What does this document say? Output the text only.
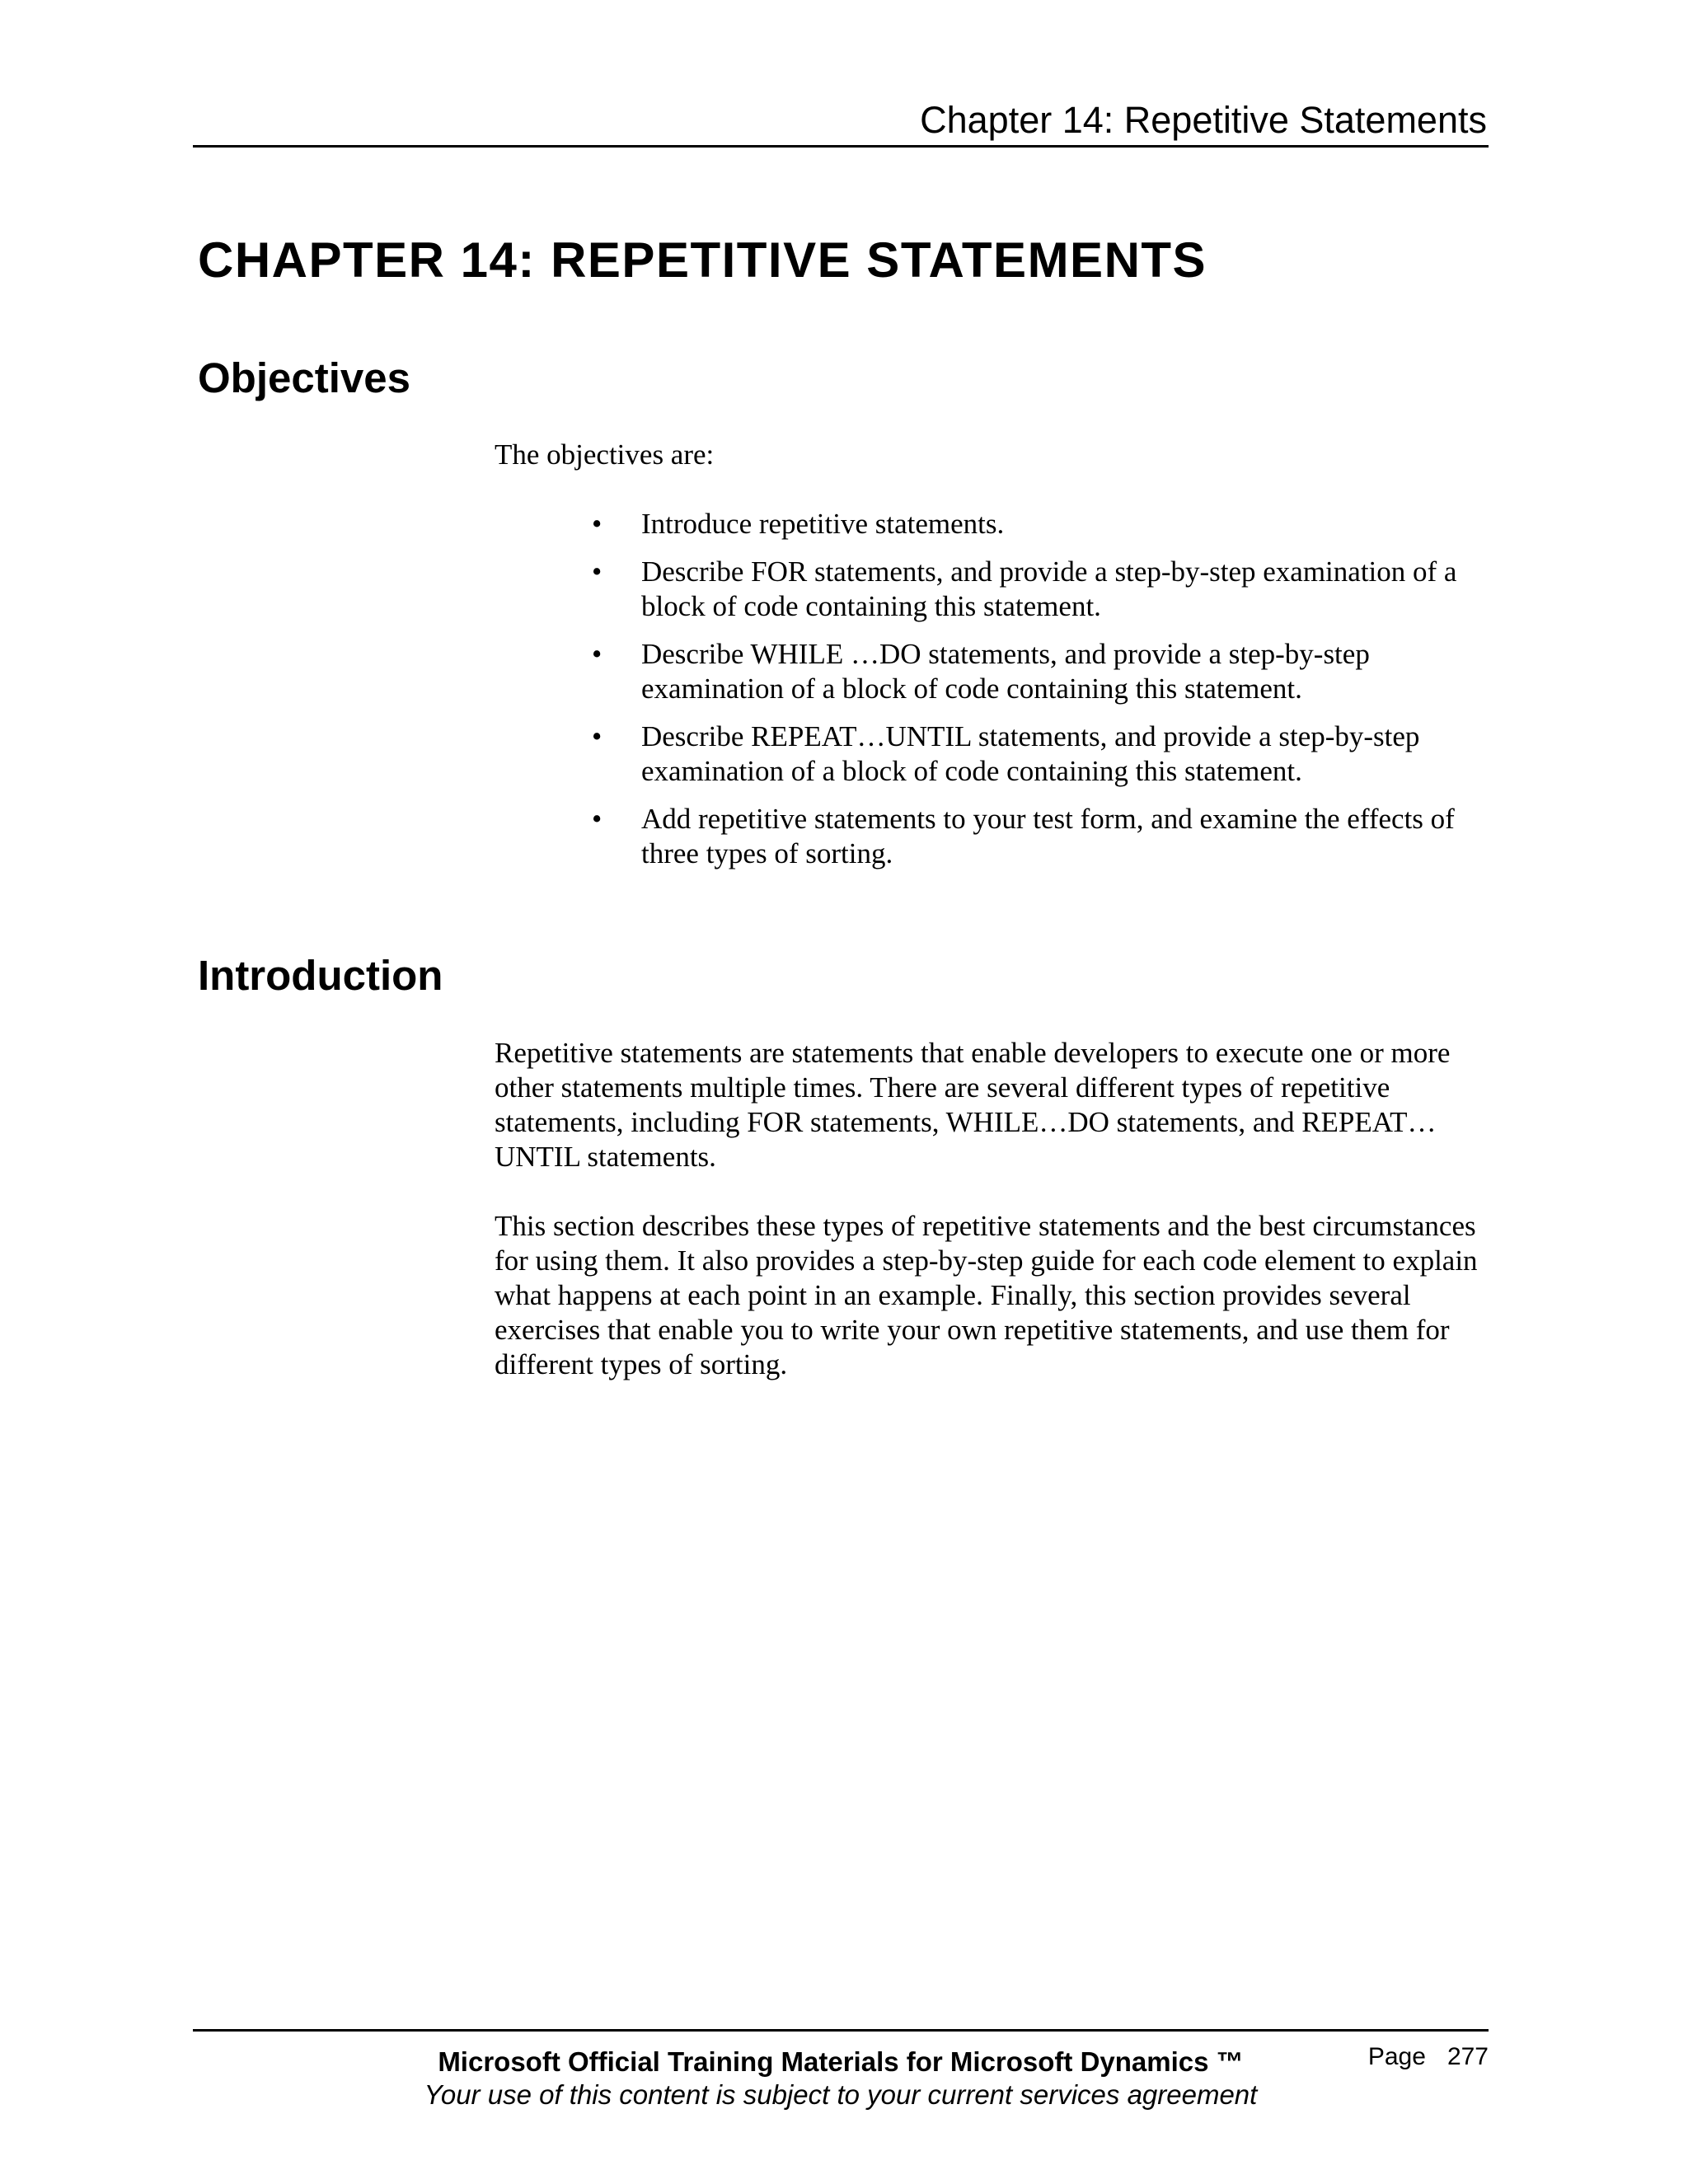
Chapter 14: Repetitive Statements
CHAPTER 14: REPETITIVE STATEMENTS
Objectives

The objectives are:

• Introduce repetitive statements.
• Describe FOR statements, and provide a step-by-step examination of a block of code containing this statement.
• Describe WHILE …DO statements, and provide a step-by-step examination of a block of code containing this statement.
• Describe REPEAT…UNTIL statements, and provide a step-by-step examination of a block of code containing this statement.
• Add repetitive statements to your test form, and examine the effects of three types of sorting.
Introduction

Repetitive statements are statements that enable developers to execute one or more other statements multiple times. There are several different types of repetitive statements, including FOR statements, WHILE…DO statements, and REPEAT…UNTIL statements.

This section describes these types of repetitive statements and the best circumstances for using them. It also provides a step-by-step guide for each code element to explain what happens at each point in an example. Finally, this section provides several exercises that enable you to write your own repetitive statements, and use them for different types of sorting.

Microsoft Official Training Materials for Microsoft Dynamics ™
Your use of this content is subject to your current services agreement
Page 277
